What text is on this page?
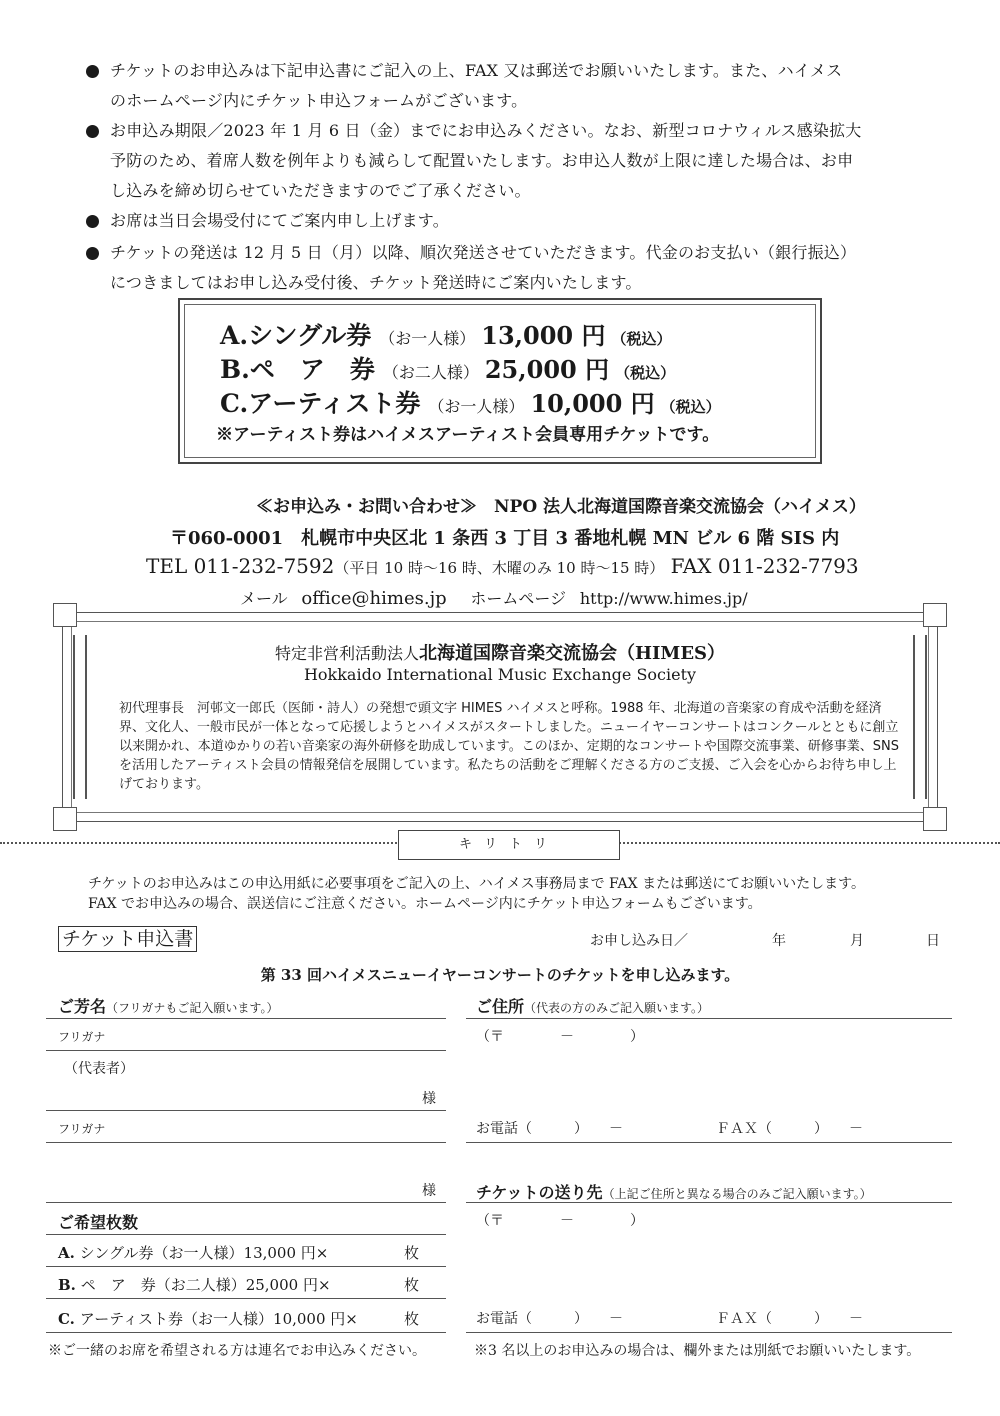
チケットのお申込みは下記申込書にご記入の上、FAX 又は郵送でお願いいたします。また、ハイメス
のホームページ内にチケット申込フォームがございます。
お申込み期限／2023 年 1 月 6 日（金）までにお申込みください。なお、新型コロナウィルス感染拡大
予防のため、着席人数を例年よりも減らして配置いたします。お申込人数が上限に達した場合は、お申
し込みを締め切らせていただきますのでご了承ください。
お席は当日会場受付にてご案内申し上げます。
チケットの発送は 12 月 5 日（月）以降、順次発送させていただきます。代金のお支払い（銀行振込）
につきましてはお申し込み受付後、チケット発送時にご案内いたします。
A.シングル券 （お一人様） 13,000 円 （税込）
B.ペ　ア　券 （お二人様） 25,000 円 （税込）
C.アーティスト券 （お一人様） 10,000 円 （税込）
※アーティスト券はハイメスアーティスト会員専用チケットです。
≪お申込み・お問い合わせ≫　NPO 法人北海道国際音楽交流協会（ハイメス）
〒060-0001　札幌市中央区北 1 条西 3 丁目 3 番地札幌 MN ビル 6 階 SIS 内
TEL 011-232-7592（平日 10 時～16 時、木曜のみ 10 時～15 時） FAX 011-232-7793
メール office@himes.jp ホームページ http://www.himes.jp/
特定非営利活動法人北海道国際音楽交流協会（HIMES）
Hokkaido International Music Exchange Society
初代理事長　河邨文一郎氏（医師・詩人）の発想で頭文字 HIMES ハイメスと呼称。1988 年、北海道の音楽家の育成や活動を経済界、文化人、一般市民が一体となって応援しようとハイメスがスタートしました。ニューイヤーコンサートはコンクールとともに創立以来開かれ、本道ゆかりの若い音楽家の海外研修を助成しています。このほか、定期的なコンサートや国際交流事業、研修事業、SNS を活用したアーティスト会員の情報発信を展開しています。私たちの活動をご理解くださる方のご支援、ご入会を心からお待ち申し上げております。
キリトリ
チケットのお申込みはこの申込用紙に必要事項をご記入の上、ハイメス事務局まで FAX または郵送にてお願いいたします。
FAX でお申込みの場合、誤送信にご注意ください。ホームページ内にチケット申込フォームもございます。
チケット申込書	お申し込み日／	年	月	日
第 33 回ハイメスニューイヤーコンサートのチケットを申し込みます。
ご芳名（フリガナもご記入願います。）
フリガナ
（代表者）
様
フリガナ
様
ご希望枚数
A. シングル券（お一人様）13,000 円×	枚
B. ペ　ア　券（お二人様）25,000 円×	枚
C. アーティスト券（お一人様）10,000 円×	枚
※ご一緒のお席を希望される方は連名でお申込みください。
ご住所（代表の方のみご記入願います。）
（〒　　　　－　　　　）
お電話（　　　）　　－	ＦＡＸ（　　　）　　－
チケットの送り先（上記ご住所と異なる場合のみご記入願います。）
（〒　　　　－　　　　）
お電話（　　　）　　－	ＦＡＸ（　　　）　　－
※3 名以上のお申込みの場合は、欄外または別紙でお願いいたします。
